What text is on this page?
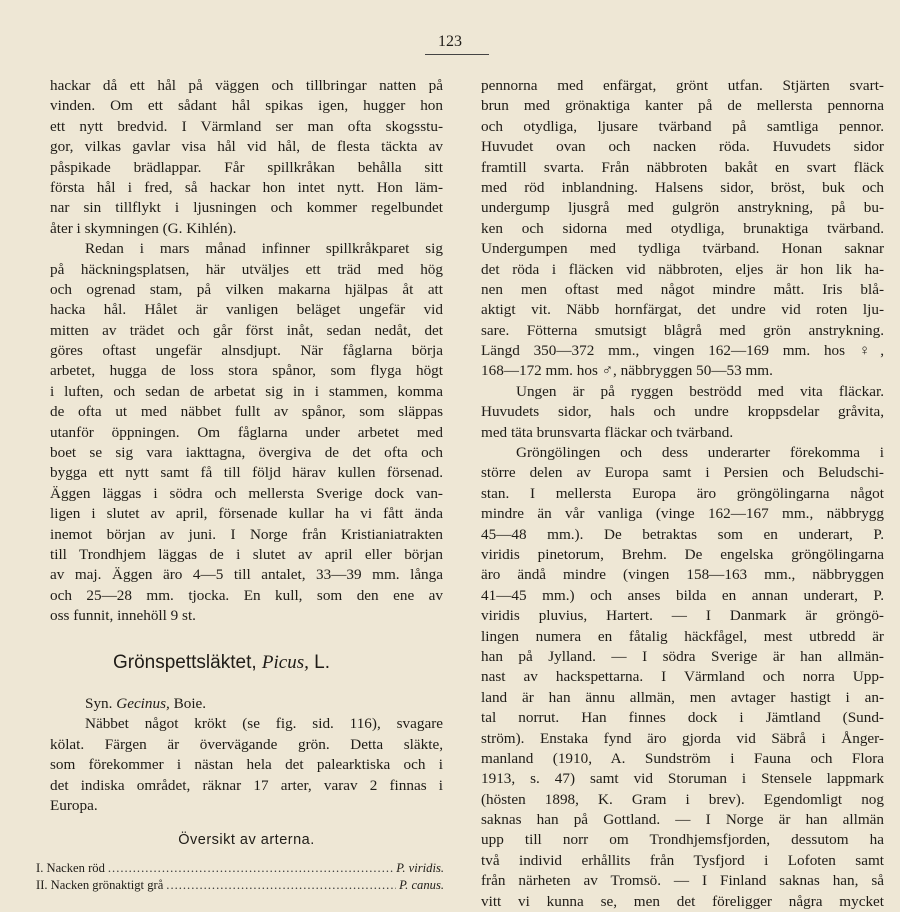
123
hackar då ett hål på väggen och tillbringar natten på
vinden. Om ett sådant hål spikas igen, hugger hon
ett nytt bredvid. I Värmland ser man ofta skogsstu-
gor, vilkas gavlar visa hål vid hål, de flesta täckta av
påspikade brädlappar. Får spillkråkan behålla sitt
första hål i fred, så hackar hon intet nytt. Hon läm-
nar sin tillflykt i ljusningen och kommer regelbundet
åter i skymningen (G. Kihlén).
Redan i mars månad infinner spillkråkparet sig
på häckningsplatsen, här utväljes ett träd med hög
och ogrenad stam, på vilken makarna hjälpas åt att
hacka hål. Hålet är vanligen beläget ungefär vid
mitten av trädet och går först inåt, sedan nedåt, det
göres oftast ungefär alnsdjupt. När fåglarna börja
arbetet, hugga de loss stora spånor, som flyga högt
i luften, och sedan de arbetat sig in i stammen, komma
de ofta ut med näbbet fullt av spånor, som släppas
utanför öppningen. Om fåglarna under arbetet med
boet se sig vara iakttagna, övergiva de det ofta och
bygga ett nytt samt få till följd härav kullen försenad.
Äggen läggas i södra och mellersta Sverige dock van-
ligen i slutet av april, försenade kullar ha vi fått ända
inemot början av juni. I Norge från Kristianiatrakten
till Trondhjem läggas de i slutet av april eller början
av maj. Äggen äro 4—5 till antalet, 33—39 mm. långa
och 25—28 mm. tjocka. En kull, som den ene av
oss funnit, innehöll 9 st.
Grönspettsläktet, Picus, L.
Syn. Gecinus, Boie.
Näbbet något krökt (se fig. sid. 116), svagare
kölat. Färgen är övervägande grön. Detta släkte,
som förekommer i nästan hela det palearktiska och i
det indiska området, räknar 17 arter, varav 2 finnas i
Europa.
Översikt av arterna.
I. Nacken röd .....	P. viridis.
II. Nacken grönaktigt grå .....	P. canus.
pennorna med enfärgat, grönt utfan. Stjärten svart-
brun med grönaktiga kanter på de mellersta pennorna
och otydliga, ljusare tvärband på samtliga pennor.
Huvudet ovan och nacken röda. Huvudets sidor
framtill svarta. Från näbbroten bakåt en svart fläck
med röd inblandning. Halsens sidor, bröst, buk och
undergump ljusgrå med gulgrön anstrykning, på bu-
ken och sidorna med otydliga, brunaktiga tvärband.
Undergumpen med tydliga tvärband. Honan saknar
det röda i fläcken vid näbbroten, eljes är hon lik ha-
nen men oftast med något mindre mått. Iris blå-
aktigt vit. Näbb hornfärgat, det undre vid roten lju-
sare. Fötterna smutsigt blågrå med grön anstrykning.
Längd 350—372 mm., vingen 162—169 mm. hos ♀,
168—172 mm. hos ♂, näbbryggen 50—53 mm.
Ungen är på ryggen beströdd med vita fläckar.
Huvudets sidor, hals och undre kroppsdelar gråvita,
med täta brunsvarta fläckar och tvärband.
Gröngölingen och dess underarter förekomma i
större delen av Europa samt i Persien och Beludschi-
stan. I mellersta Europa äro gröngölingarna något
mindre än vår vanliga (vinge 162—167 mm., näbbrygg
45—48 mm.). De betraktas som en underart, P.
viridis pinetorum, Brehm. De engelska gröngölingarna
äro ändå mindre (vingen 158—163 mm., näbbryggen
41—45 mm.) och anses bilda en annan underart, P.
viridis pluvius, Hartert. — I Danmark är gröngö-
lingen numera en fåtalig häckfågel, mest utbredd är
han på Jylland. — I södra Sverige är han allmän-
nast av hackspettarna. I Värmland och norra Upp-
land är han ännu allmän, men avtager hastigt i an-
tal norrut. Han finnes dock i Jämtland (Sund-
ström). Enstaka fynd äro gjorda vid Säbrå i Ånger-
manland (1910, A. Sundström i Fauna och Flora
1913, s. 47) samt vid Storuman i Stensele lappmark
(hösten 1898, K. Gram i brev). Egendomligt nog
saknas han på Gottland. — I Norge är han allmän
upp till norr om Trondhjemsfjorden, dessutom ha
två individ erhållits från Tysfjord i Lofoten samt
från närheten av Tromsö. — I Finland saknas han, så
vitt vi kunna se, men det föreligger några mycket
